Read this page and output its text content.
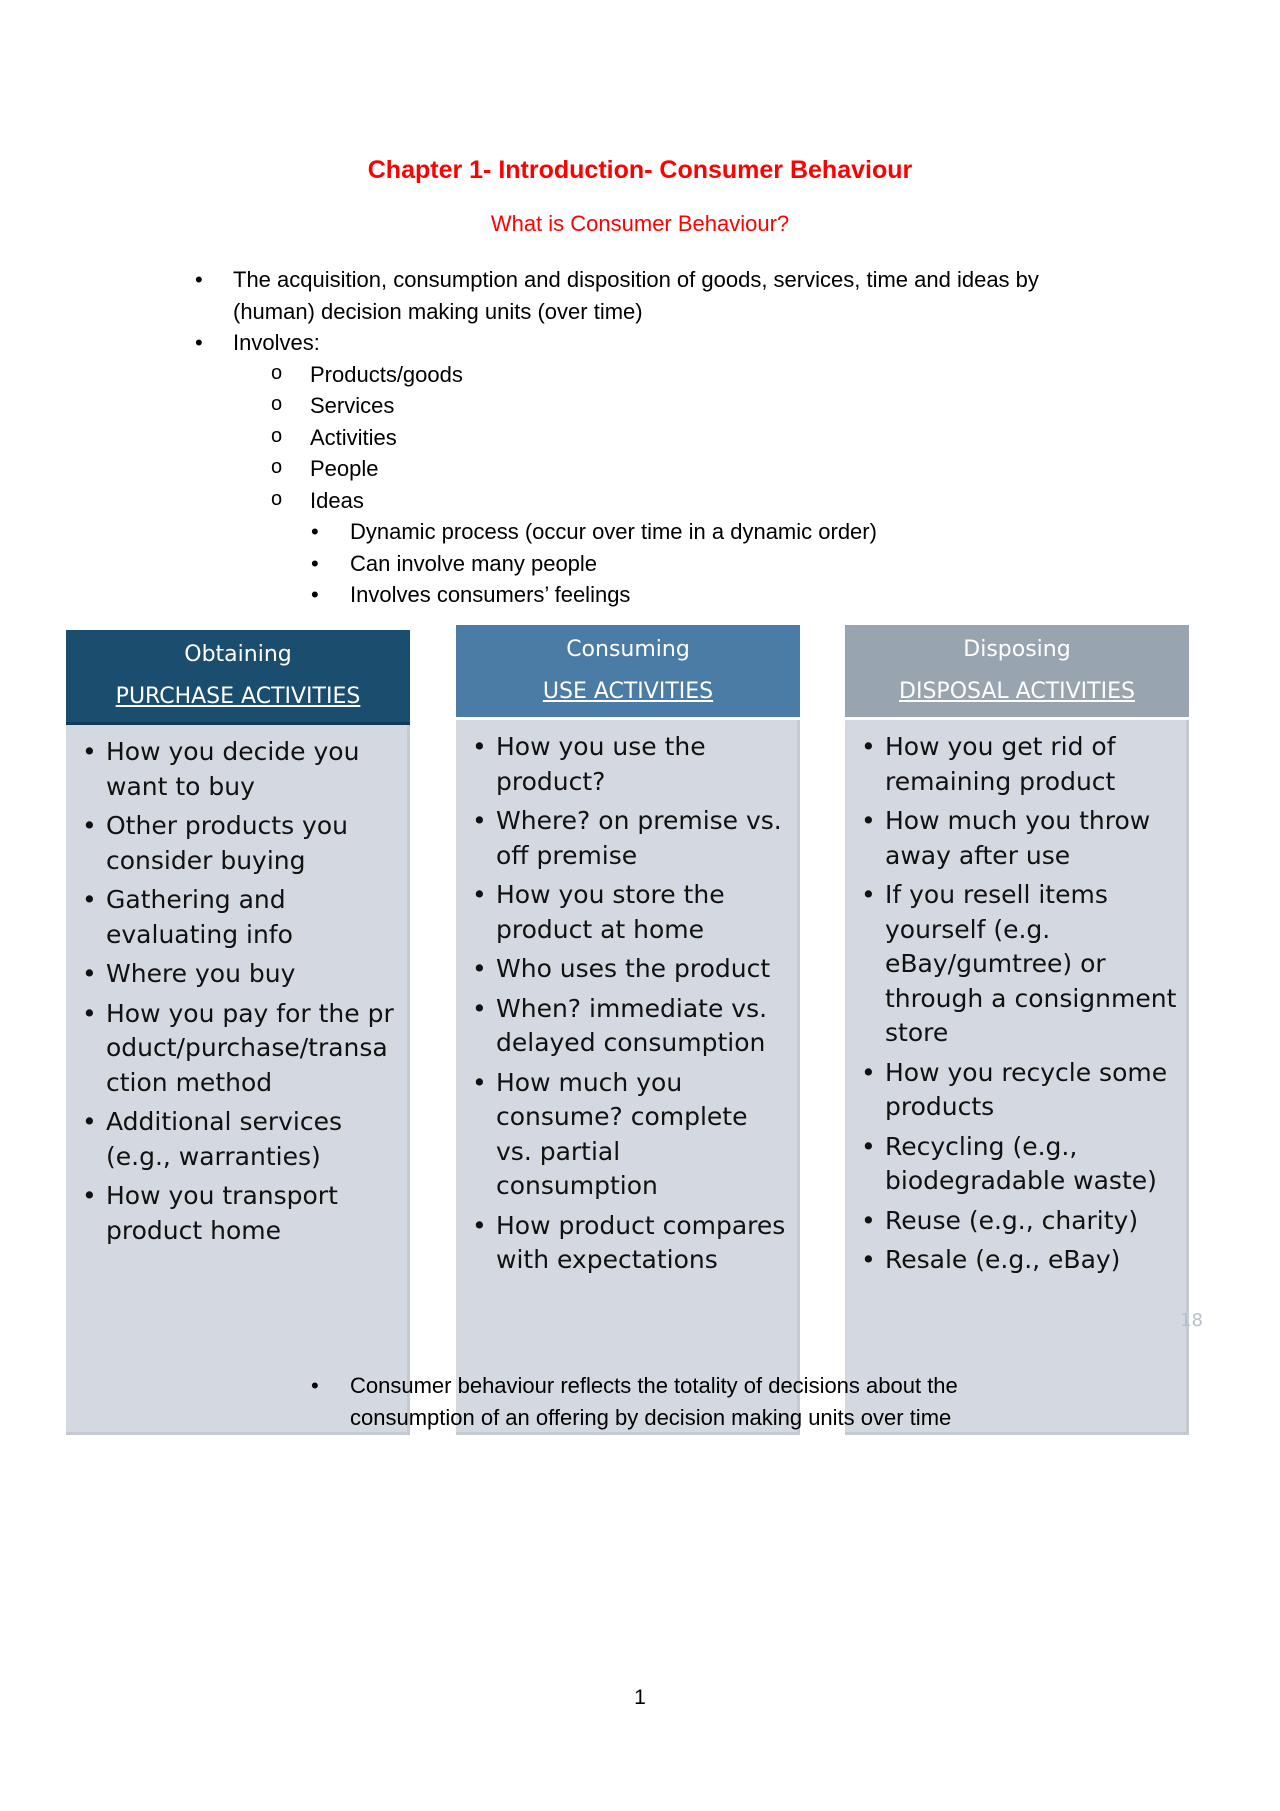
Chapter 1- Introduction- Consumer Behaviour
What is Consumer Behaviour?
• The acquisition, consumption and disposition of goods, services, time and ideas by (human) decision making units (over time)
• Involves:
o Products/goods
o Services
o Activities
o People
o Ideas
• Dynamic process (occur over time in a dynamic order)
• Can involve many people
• Involves consumers’ feelings
Obtaining
PURCHASE ACTIVITIES
• How you decide you want to buy
• Other products you consider buying
• Gathering and evaluating info
• Where you buy
• How you pay for the product/purchase/transaction method
• Additional services (e.g., warranties)
• How you transport product home
Consuming
USE ACTIVITIES
• How you use the product?
• Where? on premise vs. off premise
• How you store the product at home
• Who uses the product
• When? immediate vs. delayed consumption
• How much you consume? complete vs. partial consumption
• How product compares with expectations
Disposing
DISPOSAL ACTIVITIES
• How you get rid of remaining product
• How much you throw away after use
• If you resell items yourself (e.g. eBay/gumtree) or through a consignment store
• How you recycle some products
• Recycling (e.g., biodegradable waste)
• Reuse (e.g., charity)
• Resale (e.g., eBay)
18
• Consumer behaviour reflects the totality of decisions about the consumption of an offering by decision making units over time
1
